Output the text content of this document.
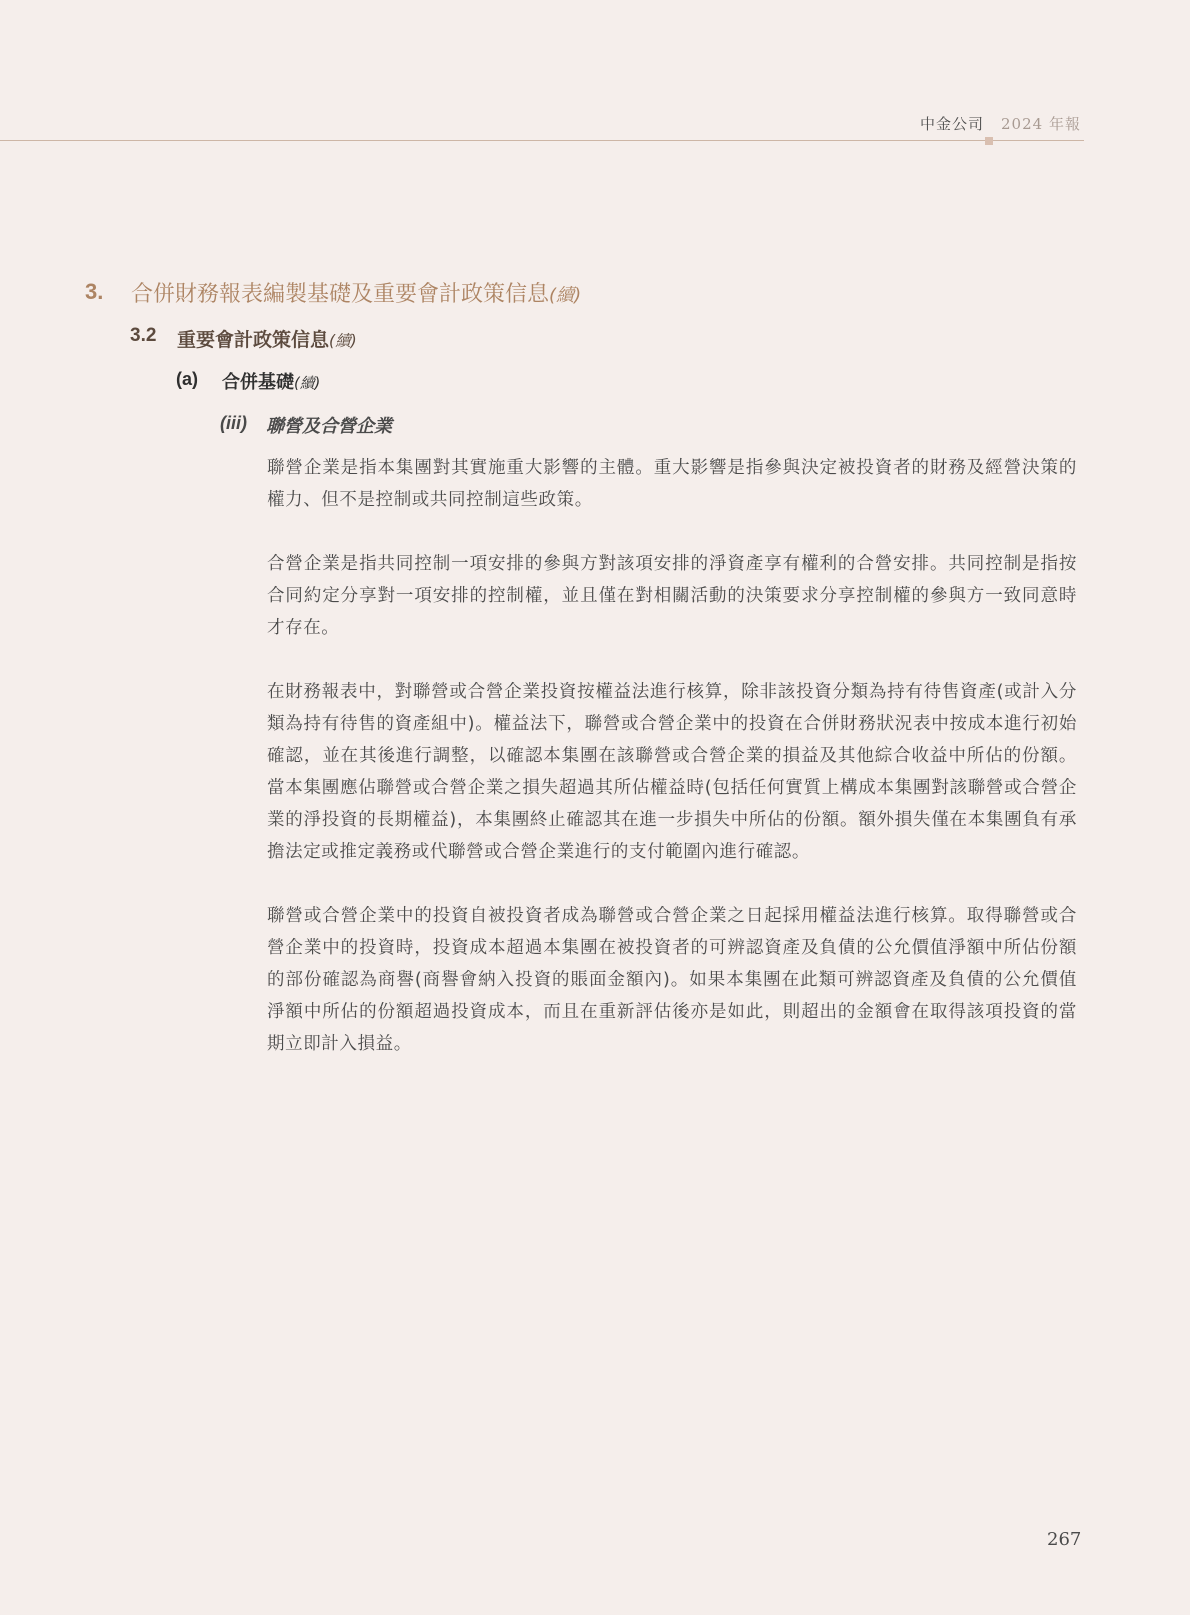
中金公司 2024 年報
3. 合併財務報表編製基礎及重要會計政策信息(續)
3.2 重要會計政策信息(續)
(a) 合併基礎(續)
(iii) 聯營及合營企業

聯營企業是指本集團對其實施重大影響的主體。重大影響是指參與決定被投資者的財務及經營決策的權力、但不是控制或共同控制這些政策。

合營企業是指共同控制一項安排的參與方對該項安排的淨資產享有權利的合營安排。共同控制是指按合同約定分享對一項安排的控制權，並且僅在對相關活動的決策要求分享控制權的參與方一致同意時才存在。

在財務報表中，對聯營或合營企業投資按權益法進行核算，除非該投資分類為持有待售資產(或計入分類為持有待售的資產組中)。權益法下，聯營或合營企業中的投資在合併財務狀況表中按成本進行初始確認，並在其後進行調整，以確認本集團在該聯營或合營企業的損益及其他綜合收益中所佔的份額。當本集團應佔聯營或合營企業之損失超過其所佔權益時(包括任何實質上構成本集團對該聯營或合營企業的淨投資的長期權益)，本集團終止確認其在進一步損失中所佔的份額。額外損失僅在本集團負有承擔法定或推定義務或代聯營或合營企業進行的支付範圍內進行確認。

聯營或合營企業中的投資自被投資者成為聯營或合營企業之日起採用權益法進行核算。取得聯營或合營企業中的投資時，投資成本超過本集團在被投資者的可辨認資產及負債的公允價值淨額中所佔份額的部份確認為商譽(商譽會納入投資的賬面金額內)。如果本集團在此類可辨認資產及負債的公允價值淨額中所佔的份額超過投資成本，而且在重新評估後亦是如此，則超出的金額會在取得該項投資的當期立即計入損益。

267
